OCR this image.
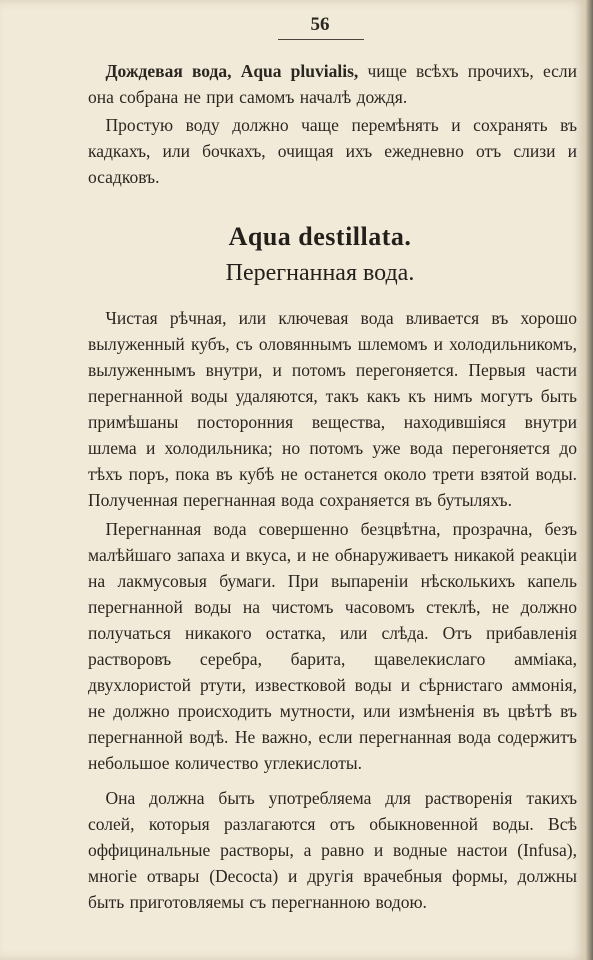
56

 Дождевая вода, Aqua pluvialis, чище всѣхъ прочихъ, если она собрана не при самомъ началѣ дождя.

 Простую воду должно чаще перемѣнять и сохранять въ кадкахъ, или бочкахъ, очищая ихъ ежедневно отъ слизи и осадковъ.

Aqua destillata.
Перегнанная вода.

 Чистая рѣчная, или ключевая вода вливается въ хорошо вылуженный кубъ, съ оловяннымъ шлемомъ и холодильникомъ, вылуженнымъ внутри, и потомъ перегоняется. Первыя части перегнанной воды удаляются, такъ какъ къ нимъ могутъ быть примѣшаны посторонния вещества, находившіяся внутри шлема и холодильника; но потомъ уже вода перегоняется до тѣхъ поръ, пока въ кубѣ не останется около трети взятой воды. Полученная перегнанная вода сохраняется въ бутыляхъ.

 Перегнанная вода совершенно безцвѣтна, прозрачна, безъ малѣйшаго запаха и вкуса, и не обнаруживаетъ никакой реакціи на лакмусовыя бумаги. При выпареніи нѣсколькихъ капель перегнанной воды на чистомъ часовомъ стеклѣ, не должно получаться никакого остатка, или слѣда. Отъ прибавленія растворовъ серебра, барита, щавелекислаго аммiака, двухлористой ртути, известковой воды и сѣрнистаго аммонія, не должно происходить мутности, или измѣненія въ цвѣтѣ въ перегнанной водѣ. Не важно, если перегнанная вода содержитъ небольшое количество углекислоты.

 Она должна быть употребляема для растворенія такихъ солей, которыя разлагаются отъ обыкновенной воды. Всѣ оффицинальные растворы, а равно и водные настои (Infusa), многіе отвары (Decocta) и другія врачебныя формы, должны быть приготовляемы съ перегнанною водою.
